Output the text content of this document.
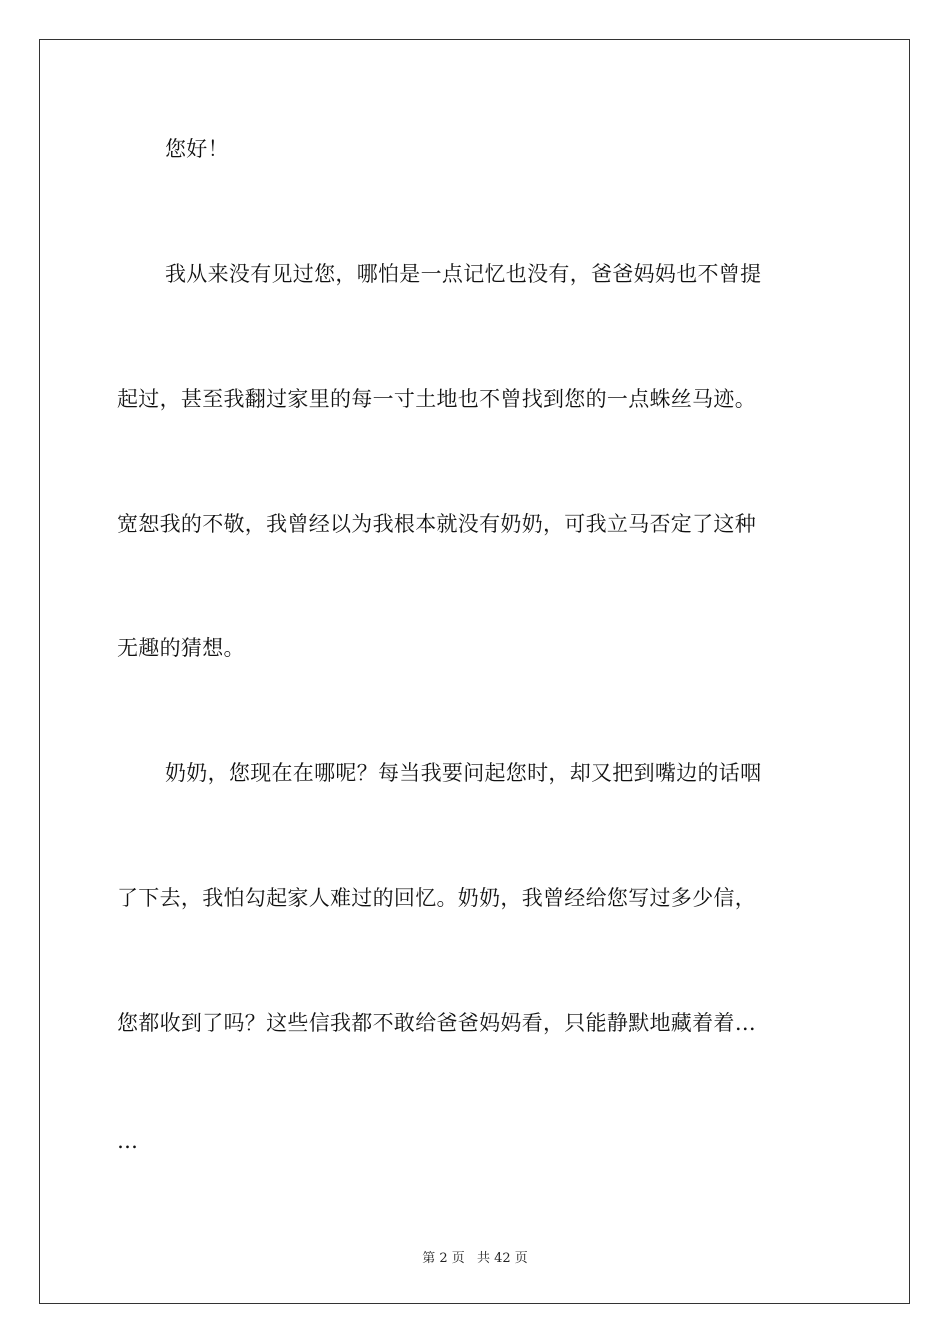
您好！
我从来没有见过您，哪怕是一点记忆也没有，爸爸妈妈也不曾提
起过，甚至我翻过家里的每一寸土地也不曾找到您的一点蛛丝马迹。
宽恕我的不敬，我曾经以为我根本就没有奶奶，可我立马否定了这种
无趣的猜想。
奶奶，您现在在哪呢？每当我要问起您时，却又把到嘴边的话咽
了下去，我怕勾起家人难过的回忆。奶奶，我曾经给您写过多少信，
您都收到了吗？这些信我都不敢给爸爸妈妈看，只能静默地藏着着…
…
第 2 页 共 42 页
